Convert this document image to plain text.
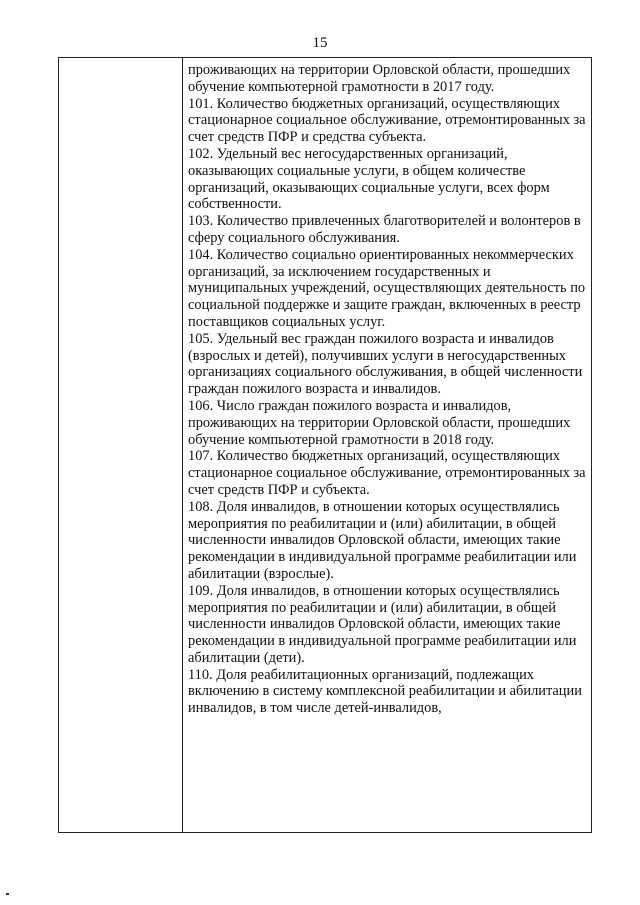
15

проживающих на территории Орловской области, прошедших обучение компьютерной грамотности в 2017 году.

101. Количество бюджетных организаций, осуществляющих стационарное социальное обслуживание, отремонтированных за счет средств ПФР и средства субъекта.

102. Удельный вес негосударственных организаций, оказывающих социальные услуги, в общем количестве организаций, оказывающих социальные услуги, всех форм собственности.

103. Количество привлеченных благотворителей и волонтеров в сферу социального обслуживания.

104. Количество социально ориентированных некоммерческих организаций, за исключением государственных и муниципальных учреждений, осуществляющих деятельность по социальной поддержке и защите граждан, включенных в реестр поставщиков социальных услуг.

105. Удельный вес граждан пожилого возраста и инвалидов (взрослых и детей), получивших услуги в негосударственных организациях социального обслуживания, в общей численности граждан пожилого возраста и инвалидов.

106. Число граждан пожилого возраста и инвалидов, проживающих на территории Орловской области, прошедших обучение компьютерной грамотности в 2018 году.

107. Количество бюджетных организаций, осуществляющих стационарное социальное обслуживание, отремонтированных за счет средств ПФР и субъекта.

108. Доля инвалидов, в отношении которых осуществлялись мероприятия по реабилитации и (или) абилитации, в общей численности инвалидов Орловской области, имеющих такие рекомендации в индивидуальной программе реабилитации или абилитации (взрослые).

109. Доля инвалидов, в отношении которых осуществлялись мероприятия по реабилитации и (или) абилитации, в общей численности инвалидов Орловской области, имеющих такие рекомендации в индивидуальной программе реабилитации или абилитации (дети).

110. Доля реабилитационных организаций, подлежащих включению в систему комплексной реабилитации и абилитации инвалидов, в том числе детей-инвалидов,
